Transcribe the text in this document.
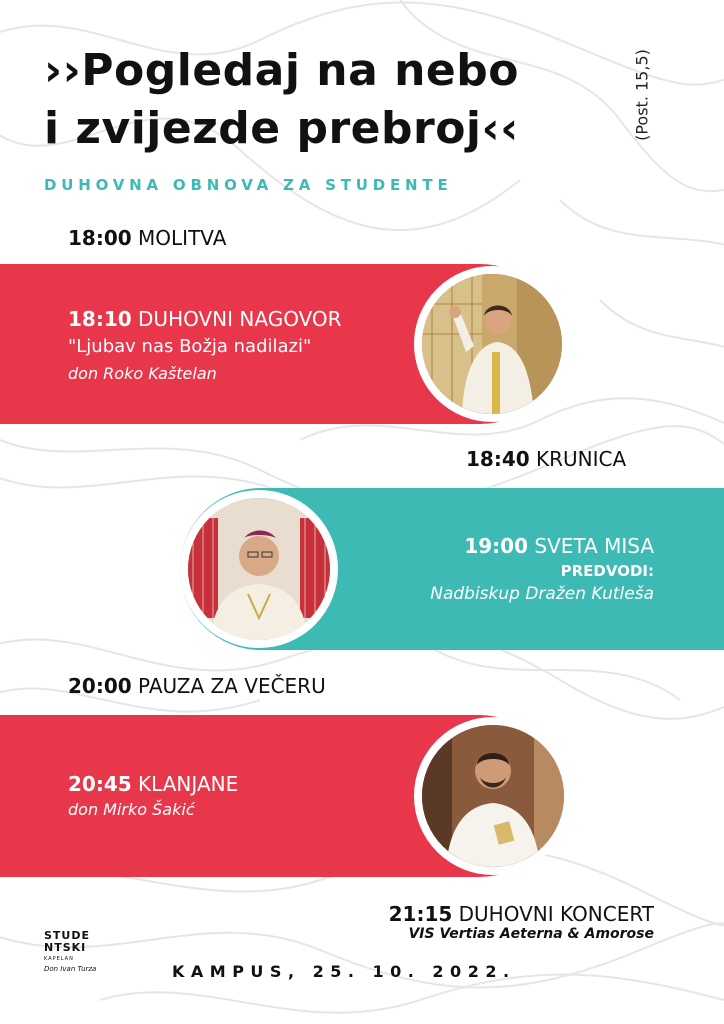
››Pogledaj na nebo
i zvijezde prebroj‹‹	(Post. 15,5)
DUHOVNA OBNOVA ZA STUDENTE
18:00 MOLITVA
18:10 DUHOVNI NAGOVOR
"Ljubav nas Božja nadilazi"
don Roko Kaštelan
18:40 KRUNICA
19:00 SVETA MISA
PREDVODI:
Nadbiskup Dražen Kutleša
20:00 PAUZA ZA VEČERU
20:45 KLANJANE
don Mirko Šakić
21:15 DUHOVNI KONCERT
VIS Vertias Aeterna & Amorose
STUDE
NTSKI
KAPELAN
Don Ivan Turza	KAMPUS, 25. 10. 2022.
